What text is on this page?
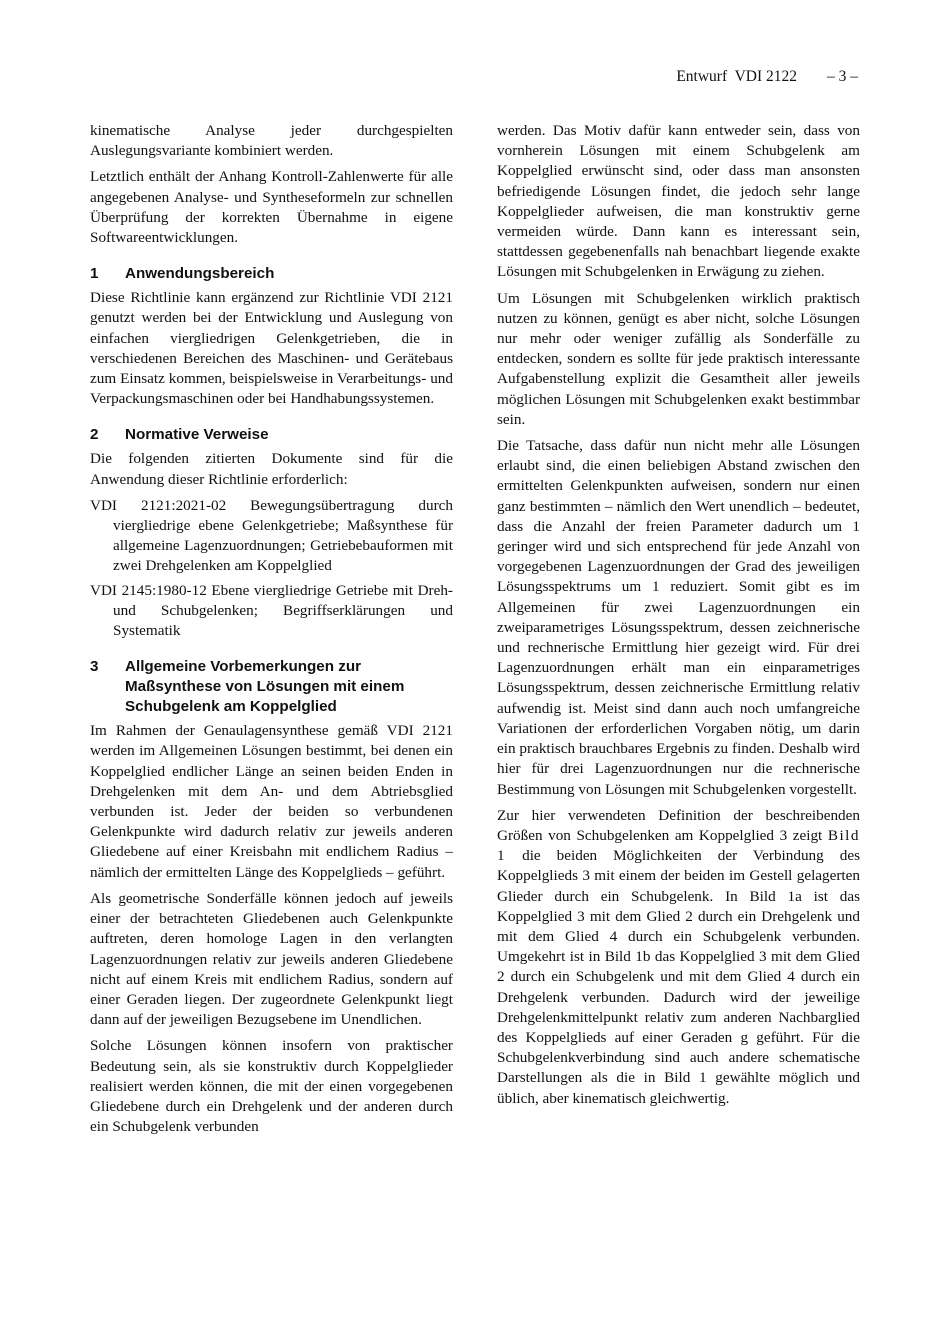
Entwurf  VDI 2122 – 3 –

kinematische Analyse jeder durchgespielten Auslegungsvariante kombiniert werden.

Letztlich enthält der Anhang Kontroll-Zahlenwerte für alle angegebenen Analyse- und Syntheseformeln zur schnellen Überprüfung der korrekten Übernahme in eigene Softwareentwicklungen.

1	Anwendungsbereich

Diese Richtlinie kann ergänzend zur Richtlinie VDI 2121 genutzt werden bei der Entwicklung und Auslegung von einfachen viergliedrigen Gelenkgetrieben, die in verschiedenen Bereichen des Maschinen- und Gerätebaus zum Einsatz kommen, beispielsweise in Verarbeitungs- und Verpackungsmaschinen oder bei Handhabungssystemen.

2	Normative Verweise

Die folgenden zitierten Dokumente sind für die Anwendung dieser Richtlinie erforderlich:

VDI 2121:2021-02 Bewegungsübertragung durch viergliedrige ebene Gelenkgetriebe; Maßsynthese für allgemeine Lagenzuordnungen; Getriebebauformen mit zwei Drehgelenken am Koppelglied

VDI 2145:1980-12 Ebene viergliedrige Getriebe mit Dreh- und Schubgelenken; Begriffserklärungen und Systematik

3	Allgemeine Vorbemerkungen zur Maßsynthese von Lösungen mit einem Schubgelenk am Koppelglied

Im Rahmen der Genaulagensynthese gemäß VDI 2121 werden im Allgemeinen Lösungen bestimmt, bei denen ein Koppelglied endlicher Länge an seinen beiden Enden in Drehgelenken mit dem An- und dem Abtriebsglied verbunden ist. Jeder der beiden so verbundenen Gelenkpunkte wird dadurch relativ zur jeweils anderen Gliedebene auf einer Kreisbahn mit endlichem Radius – nämlich der ermittelten Länge des Koppelglieds – geführt.

Als geometrische Sonderfälle können jedoch auf jeweils einer der betrachteten Gliedebenen auch Gelenkpunkte auftreten, deren homologe Lagen in den verlangten Lagenzuordnungen relativ zur jeweils anderen Gliedebene nicht auf einem Kreis mit endlichem Radius, sondern auf einer Geraden liegen. Der zugeordnete Gelenkpunkt liegt dann auf der jeweiligen Bezugsebene im Unendlichen.

Solche Lösungen können insofern von praktischer Bedeutung sein, als sie konstruktiv durch Koppelglieder realisiert werden können, die mit der einen vorgegebenen Gliedebene durch ein Drehgelenk und der anderen durch ein Schubgelenk verbunden

werden. Das Motiv dafür kann entweder sein, dass von vornherein Lösungen mit einem Schubgelenk am Koppelglied erwünscht sind, oder dass man ansonsten befriedigende Lösungen findet, die jedoch sehr lange Koppelglieder aufweisen, die man konstruktiv gerne vermeiden würde. Dann kann es interessant sein, stattdessen gegebenenfalls nah benachbart liegende exakte Lösungen mit Schubgelenken in Erwägung zu ziehen.

Um Lösungen mit Schubgelenken wirklich praktisch nutzen zu können, genügt es aber nicht, solche Lösungen nur mehr oder weniger zufällig als Sonderfälle zu entdecken, sondern es sollte für jede praktisch interessante Aufgabenstellung explizit die Gesamtheit aller jeweils möglichen Lösungen mit Schubgelenken exakt bestimmbar sein.

Die Tatsache, dass dafür nun nicht mehr alle Lösungen erlaubt sind, die einen beliebigen Abstand zwischen den ermittelten Gelenkpunkten aufweisen, sondern nur einen ganz bestimmten – nämlich den Wert unendlich – bedeutet, dass die Anzahl der freien Parameter dadurch um 1 geringer wird und sich entsprechend für jede Anzahl von vorgegebenen Lagenzuordnungen der Grad des jeweiligen Lösungsspektrums um 1 reduziert. Somit gibt es im Allgemeinen für zwei Lagenzuordnungen ein zweiparametriges Lösungsspektrum, dessen zeichnerische und rechnerische Ermittlung hier gezeigt wird. Für drei Lagenzuordnungen erhält man ein einparametriges Lösungsspektrum, dessen zeichnerische Ermittlung relativ aufwendig ist. Meist sind dann auch noch umfangreiche Variationen der erforderlichen Vorgaben nötig, um darin ein praktisch brauchbares Ergebnis zu finden. Deshalb wird hier für drei Lagenzuordnungen nur die rechnerische Bestimmung von Lösungen mit Schubgelenken vorgestellt.

Zur hier verwendeten Definition der beschreibenden Größen von Schubgelenken am Koppelglied 3 zeigt Bild 1 die beiden Möglichkeiten der Verbindung des Koppelglieds 3 mit einem der beiden im Gestell gelagerten Glieder durch ein Schubgelenk. In Bild 1a ist das Koppelglied 3 mit dem Glied 2 durch ein Drehgelenk und mit dem Glied 4 durch ein Schubgelenk verbunden. Umgekehrt ist in Bild 1b das Koppelglied 3 mit dem Glied 2 durch ein Schubgelenk und mit dem Glied 4 durch ein Drehgelenk verbunden. Dadurch wird der jeweilige Drehgelenkmittelpunkt relativ zum anderen Nachbarglied des Koppelglieds auf einer Geraden g geführt. Für die Schubgelenkverbindung sind auch andere schematische Darstellungen als die in Bild 1 gewählte möglich und üblich, aber kinematisch gleichwertig.
